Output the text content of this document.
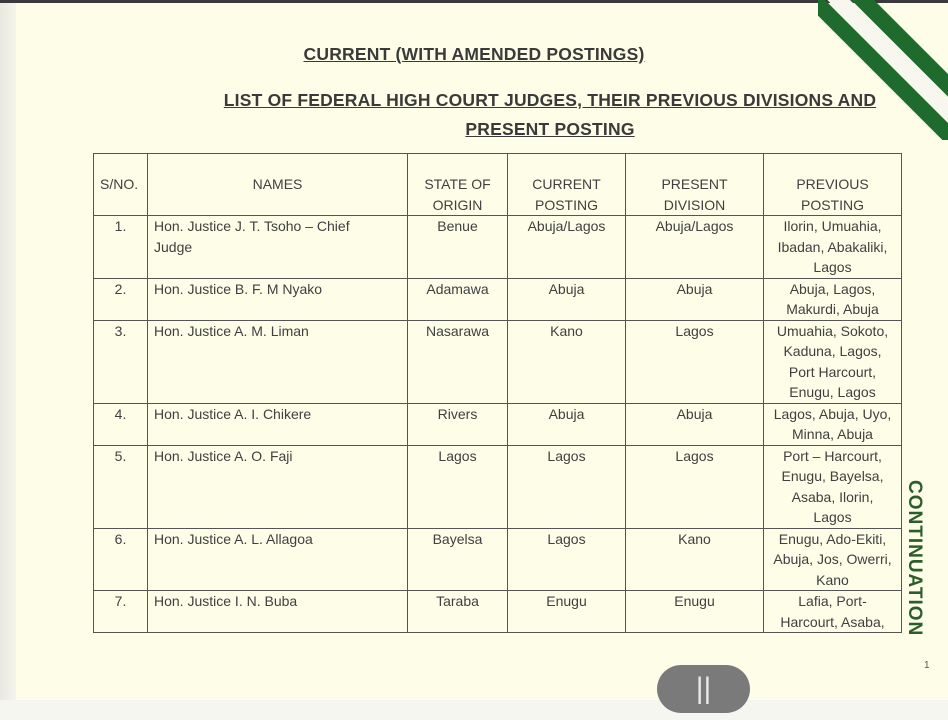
CURRENT (WITH AMENDED POSTINGS)
LIST OF FEDERAL HIGH COURT JUDGES, THEIR PREVIOUS DIVISIONS AND PRESENT POSTING
S/NO.	NAMES	STATE OF ORIGIN	CURRENT POSTING	PRESENT DIVISION	PREVIOUS POSTING
1.	Hon. Justice J. T. Tsoho – Chief Judge	Benue	Abuja/Lagos	Abuja/Lagos	Ilorin, Umuahia, Ibadan, Abakaliki, Lagos
2.	Hon. Justice B. F. M Nyako	Adamawa	Abuja	Abuja	Abuja, Lagos, Makurdi, Abuja
3.	Hon. Justice A. M. Liman	Nasarawa	Kano	Lagos	Umuahia, Sokoto, Kaduna, Lagos, Port Harcourt, Enugu, Lagos
4.	Hon. Justice A. I. Chikere	Rivers	Abuja	Abuja	Lagos, Abuja, Uyo, Minna, Abuja
5.	Hon. Justice A. O. Faji	Lagos	Lagos	Lagos	Port – Harcourt, Enugu, Bayelsa, Asaba, Ilorin, Lagos
6.	Hon. Justice A. L. Allagoa	Bayelsa	Lagos	Kano	Enugu, Ado-Ekiti, Abuja, Jos, Owerri, Kano
7.	Hon. Justice I. N. Buba	Taraba	Enugu	Enugu	Lafia, Port-Harcourt, Asaba,	CONTINUATION
1
||
